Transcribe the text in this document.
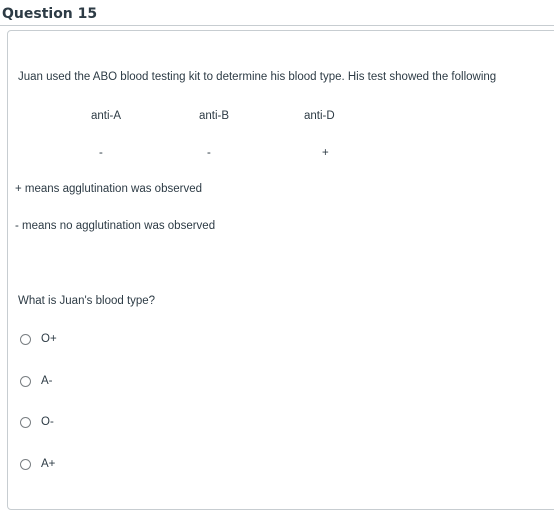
Question 15
Juan used the ABO blood testing kit to determine his blood type. His test showed the following
anti-A	anti-B	anti-D
-	-	+
+ means agglutination was observed
- means no agglutination was observed
What is Juan's blood type?
O+
A-
O-
A+
